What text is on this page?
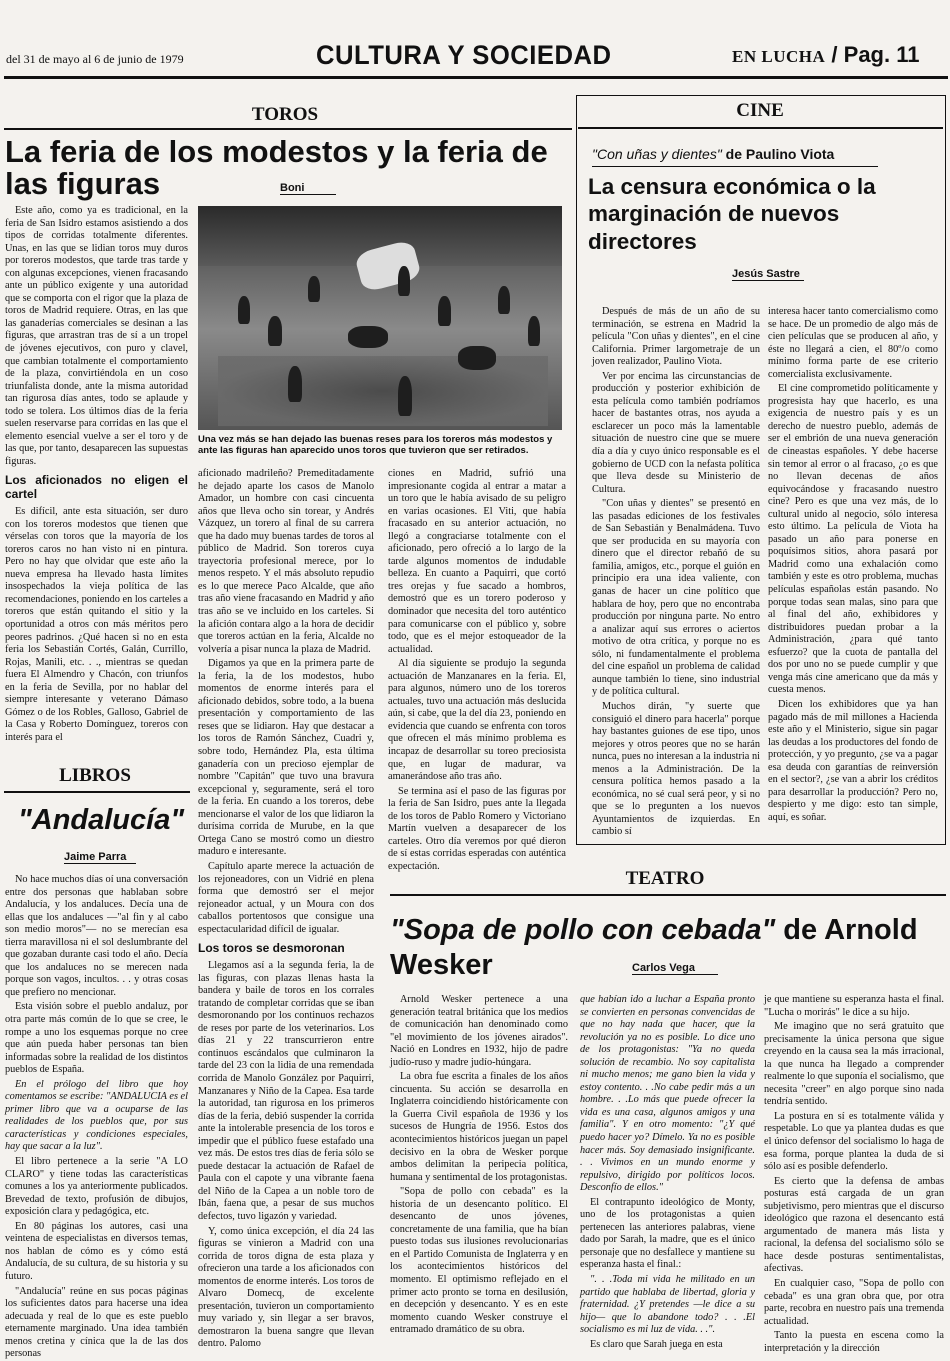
del 31 de mayo al 6 de junio de 1979	CULTURA Y SOCIEDAD	EN LUCHA / Pag. 11
TOROS
La feria de los modestos y la feria de las figuras	Boni

Este año, como ya es tradicional, en la feria de San Isidro estamos asistiendo a dos tipos de corridas totalmente diferentes. Unas, en las que se lidian toros muy duros por toreros modestos, que tarde tras tarde y con algunas excepciones, vienen fracasando ante un público exigente y una autoridad que se comporta con el rigor que la plaza de toros de Madrid requiere. Otras, en las que las ganaderías comerciales se desinan a las figuras, que arrastran tras de sí a un tropel de jóvenes ejecutivos, con puro y clavel, que cambian totalmente el comportamiento de la plaza, convirtiéndola en un coso triunfalista donde, ante la misma autoridad tan rigurosa días antes, todo se aplaude y todo se tolera. Los últimos días de la feria suelen reservarse para corridas en las que el elemento esencial vuelve a ser el toro y de las que, por tanto, desaparecen las supuestas figuras.

Los aficionados no eligen el cartel

Es difícil, ante esta situación, ser duro con los toreros modestos que tienen que vérselas con toros que la mayoría de los toreros caros no han visto ni en pintura. Pero no hay que olvidar que este año la nueva empresa ha llevado hasta límites insospechados la vieja política de las recomendaciones, poniendo en los carteles a toreros que están quitando el sitio y la oportunidad a otros con más méritos pero peores padrinos. ¿Qué hacen si no en esta feria los Sebastián Cortés, Galán, Currillo, Rojas, Manili, etc. . ., mientras se quedan fuera El Almendro y Chacón, con triunfos en la feria de Sevilla, por no hablar del siempre interesante y veterano Dámaso Gómez o de los Robles, Galloso, Gabriel de la Casa y Roberto Domínguez, toreros con interés para el

Una vez más se han dejado las buenas reses para los toreros más modestos y ante las figuras han aparecido unos toros que tuvieron que ser retirados.

aficionado madrileño? Premeditadamente he dejado aparte los casos de Manolo Amador, un hombre con casi cincuenta años que lleva ocho sin torear, y Andrés Vázquez, un torero al final de su carrera que ha dado muy buenas tardes de toros al público de Madrid. Son toreros cuya trayectoria profesional merece, por lo menos respeto. Y el más absoluto repudio es lo que merece Paco Alcalde, que año tras año viene fracasando en Madrid y año tras año se ve incluido en los carteles. Si la afición contara algo a la hora de decidir que toreros actúan en la feria, Alcalde no volvería a pisar nunca la plaza de Madrid.

Digamos ya que en la primera parte de la feria, la de los modestos, hubo momentos de enorme interés para el aficionado debidos, sobre todo, a la buena presentación y comportamiento de las reses que se lidiaron. Hay que destacar a los toros de Ramón Sánchez, Cuadri y, sobre todo, Hernández Pla, esta última ganadería con un precioso ejemplar de nombre "Capitán" que tuvo una bravura excepcional y, seguramente, será el toro de la feria. En cuando a los toreros, debe mencionarse el valor de los que lidiaron la durísima corrida de Murube, en la que Ortega Cano se mostró como un diestro maduro e interesante.

Capítulo aparte merece la actuación de los rejoneadores, con un Vidrié en plena forma que demostró ser el mejor rejoneador actual, y un Moura con dos caballos portentosos que consigue una espectacularidad difícil de igualar.

Los toros se desmoronan

Llegamos así a la segunda feria, la de las figuras, con plazas llenas hasta la bandera y baile de toros en los corrales tratando de completar corridas que se iban desmoronando por los continuos rechazos de reses por parte de los veterinarios. Los días 21 y 22 transcurrieron entre continuos escándalos que culminaron la tarde del 23 con la lidia de una remendada corrida de Manolo González por Paquirri, Manzanares y Niño de la Capea. Esa tarde la autoridad, tan rigurosa en los primeros días de la feria, debió suspender la corrida ante la intolerable presencia de los toros e impedir que el público fuese estafado una vez más. De estos tres días de feria sólo se puede destacar la actuación de Rafael de Paula con el capote y una vibrante faena del Niño de la Capea a un noble toro de Ibán, faena que, a pesar de sus muchos defectos, tuvo ligazón y variedad.

Y, como única excepción, el día 24 las figuras se vinieron a Madrid con una corrida de toros digna de esta plaza y ofrecieron una tarde a los aficionados con momentos de enorme interés. Los toros de Alvaro Domecq, de excelente presentación, tuvieron un comportamiento muy variado y, sin llegar a ser bravos, demostraron la buena sangre que llevan dentro. Palomo

ciones en Madrid, sufrió una impresionante cogida al entrar a matar a un toro que le había avisado de su peligro en varias ocasiones. El Viti, que había fracasado en su anterior actuación, no llegó a congraciarse totalmente con el aficionado, pero ofreció a lo largo de la tarde algunos momentos de indudable belleza. En cuanto a Paquirri, que cortó tres orejas y fue sacado a hombros, demostró que es un torero poderoso y dominador que necesita del toro auténtico para comunicarse con el público y, sobre todo, que es el mejor estoqueador de la actualidad.

Al día siguiente se produjo la segunda actuación de Manzanares en la feria. El, para algunos, número uno de los toreros actuales, tuvo una actuación más deslucida aún, si cabe, que la del día 23, poniendo en evidencia que cuando se enfrenta con toros que ofrecen el más mínimo problema es incapaz de desarrollar su toreo preciosista que, en lugar de madurar, va amanerándose año tras año.

Se termina así el paso de las figuras por la feria de San Isidro, pues ante la llegada de los toros de Pablo Romero y Victoriano Martín vuelven a desaparecer de los carteles. Otro día veremos por qué dieron de sí estas corridas esperadas con auténtica expectación.

LIBROS
"Andalucía"
Jaime Parra

No hace muchos días oí una conversación entre dos personas que hablaban sobre Andalucía, y los andaluces. Decía una de ellas que los andaluces —"al fin y al cabo son medio moros"— no se merecían esa tierra maravillosa ni el sol deslumbrante del que gozaban durante casi todo el año. Decía que los andaluces no se merecen nada porque son vagos, incultos. . . y otras cosas que prefiero no mencionar.

Esta visión sobre el pueblo andaluz, por otra parte más común de lo que se cree, le rompe a uno los esquemas porque no cree que aún pueda haber personas tan bien informadas sobre la realidad de los distintos pueblos de España.

En el prólogo del libro que hoy comentamos se escribe: "ANDALUCIA es el primer libro que va a ocuparse de las realidades de los pueblos que, por sus características y condiciones especiales, hay que sacar a la luz".

El libro pertenece a la serie "A LO CLARO" y tiene todas las características comunes a los ya anteriormente publicados. Brevedad de texto, profusión de dibujos, exposición clara y pedagógica, etc.

En 80 páginas los autores, casi una veintena de especialistas en diversos temas, nos hablan de cómo es y cómo está Andalucía, de su cultura, de su historia y su futuro.

"Andalucía" reúne en sus pocas páginas los suficientes datos para hacerse una idea adecuada y real de lo que es este pueblo eternamente marginado. Una idea también menos cretina y cínica que la de las dos personas

CINE
"Con uñas y dientes" de Paulino Viota
La censura económica o la marginación de nuevos directores
Jesús Sastre

Después de más de un año de su terminación, se estrena en Madrid la película "Con uñas y dientes", en el cine California. Primer largometraje de un joven realizador, Paulino Viota.

Ver por encima las circunstancias de producción y posterior exhibición de esta película como también podríamos hacer de bastantes otras, nos ayuda a esclarecer un poco más la lamentable situación de nuestro cine que se muere día a día y cuyo único responsable es el gobierno de UCD con la nefasta política que lleva desde su Ministerio de Cultura.

"Con uñas y dientes" se presentó en las pasadas ediciones de los festivales de San Sebastián y Benalmádena. Tuvo que ser producida en su mayoría con dinero que el director rebañó de su familia, amigos, etc., porque el guión en principio era una idea valiente, con ganas de hacer un cine político que hablara de hoy, pero que no encontraba producción por ninguna parte. No entro a analizar aquí sus errores o aciertos motivo de otra crítica, y porque no es sólo, ni fundamentalmente el problema del cine español un problema de calidad aunque también lo tiene, sino industrial y de política cultural.

Muchos dirán, "y suerte que consiguió el dinero para hacerla" porque hay bastantes guiones de ese tipo, unos mejores y otros peores que no se harán nunca, pues no interesan a la industria ni menos a la Administración. De la censura política hemos pasado a la económica, no sé cual será peor, y si no que se lo pregunten a los nuevos Ayuntamientos de izquierdas. En cambio sí

interesa hacer tanto comercialismo como se hace. De un promedio de algo más de cien películas que se producen al año, y éste no llegará a cien, el 80º/o como mínimo forma parte de ese criterio comercialista exclusivamente.

El cine comprometido políticamente y progresista hay que hacerlo, es una exigencia de nuestro país y es un derecho de nuestro pueblo, además de ser el embrión de una nueva generación de cineastas españoles. Y debe hacerse sin temor al error o al fracaso, ¿o es que no llevan decenas de años equivocándose y fracasando nuestro cine? Pero es que una vez más, de lo cultural unido al negocio, sólo interesa esto último. La película de Viota ha pasado un año para ponerse en poquísimos sitios, ahora pasará por Madrid como una exhalación como también y este es otro problema, muchas películas españolas están pasando. No porque todas sean malas, sino para que al final del año, exhibidores y distribuidores puedan probar a la Administración, ¿para qué tanto esfuerzo? que la cuota de pantalla del dos por uno no se puede cumplir y que venga más cine americano que da más y cuesta menos.

Dicen los exhibidores que ya han pagado más de mil millones a Hacienda este año y el Ministerio, sigue sin pagar las deudas a los productores del fondo de protección, y yo pregunto, ¿se va a pagar esa deuda con garantías de reinversión en el sector?, ¿se van a abrir los créditos para desarrollar la producción? Pero no, despierto y me digo: esto tan simple, aquí, es soñar.

TEATRO
"Sopa de pollo con cebada" de Arnold Wesker	Carlos Vega

Arnold Wesker pertenece a una generación teatral británica que los medios de comunicación han denominado como "el movimiento de los jóvenes airados". Nació en Londres en 1932, hijo de padre judío-ruso y madre judío-húngara.

La obra fue escrita a finales de los años cincuenta. Su acción se desarrolla en Inglaterra coincidiendo históricamente con la Guerra Civil española de 1936 y los sucesos de Hungría de 1956. Estos dos acontecimientos históricos juegan un papel decisivo en la obra de Wesker porque ambos delimitan la peripecia política, humana y sentimental de los protagonistas.

"Sopa de pollo con cebada" es la historia de un desencanto político. El desencanto de unos jóvenes, concretamente de una familia, que ha bían puesto todas sus ilusiones revolucionarias en el Partido Comunista de Inglaterra y en los acontecimientos históricos del momento. El optimismo reflejado en el primer acto pronto se torna en desilusión, en decepción y desencanto. Y es en este momento cuando Wesker construye el entramado dramático de su obra.

que habían ido a luchar a España pronto se convierten en personas convencidas de que no hay nada que hacer, que la revolución ya no es posible. Lo dice uno de los protagonistas: "Ya no queda solución de recambio. No soy capitalista ni mucho menos; me gano bien la vida y estoy contento. . .No cabe pedir más a un hombre. . .Lo más que puede ofrecer la vida es una casa, algunos amigos y una familia". Y en otro momento: "¿Y qué puedo hacer yo? Dímelo. Ya no es posible hacer más. Soy demasiado insignificante. . . Vivimos en un mundo enorme y repulsivo, dirigido por políticos locos. Desconfío de ellos."

El contrapunto ideológico de Monty, uno de los protagonistas a quien pertenecen las anteriores palabras, viene dado por Sarah, la madre, que es el único personaje que no desfallece y mantiene su esperanza hasta el final.:

". . .Toda mi vida he militado en un partido que hablaba de libertad, gloria y fraternidad. ¿Y pretendes —le dice a su hijo— que lo abandone todo? . . .El socialismo es mi luz de vida. . .".

Es claro que Sarah juega en esta

je que mantiene su esperanza hasta el final. "Lucha o morirás" le dice a su hijo.

Me imagino que no será gratuito que precisamente la única persona que sigue creyendo en la causa sea la más irracional, la que nunca ha llegado a comprender realmente lo que suponía el socialismo, que necesita "creer" en algo porque sino nada tendría sentido.

La postura en sí es totalmente válida y respetable. Lo que ya plantea dudas es que el único defensor del socialismo lo haga de esa forma, porque plantea la duda de si sólo así es posible defenderlo.

Es cierto que la defensa de ambas posturas está cargada de un gran subjetivismo, pero mientras que el discurso ideológico que razona el desencanto está argumentado de manera más lista y racional, la defensa del socialismo sólo se hace desde posturas sentimentalistas, afectivas.

En cualquier caso, "Sopa de pollo con cebada" es una gran obra que, por otra parte, recobra en nuestro país una tremenda actualidad.

Tanto la puesta en escena como la interpretación y la dirección
